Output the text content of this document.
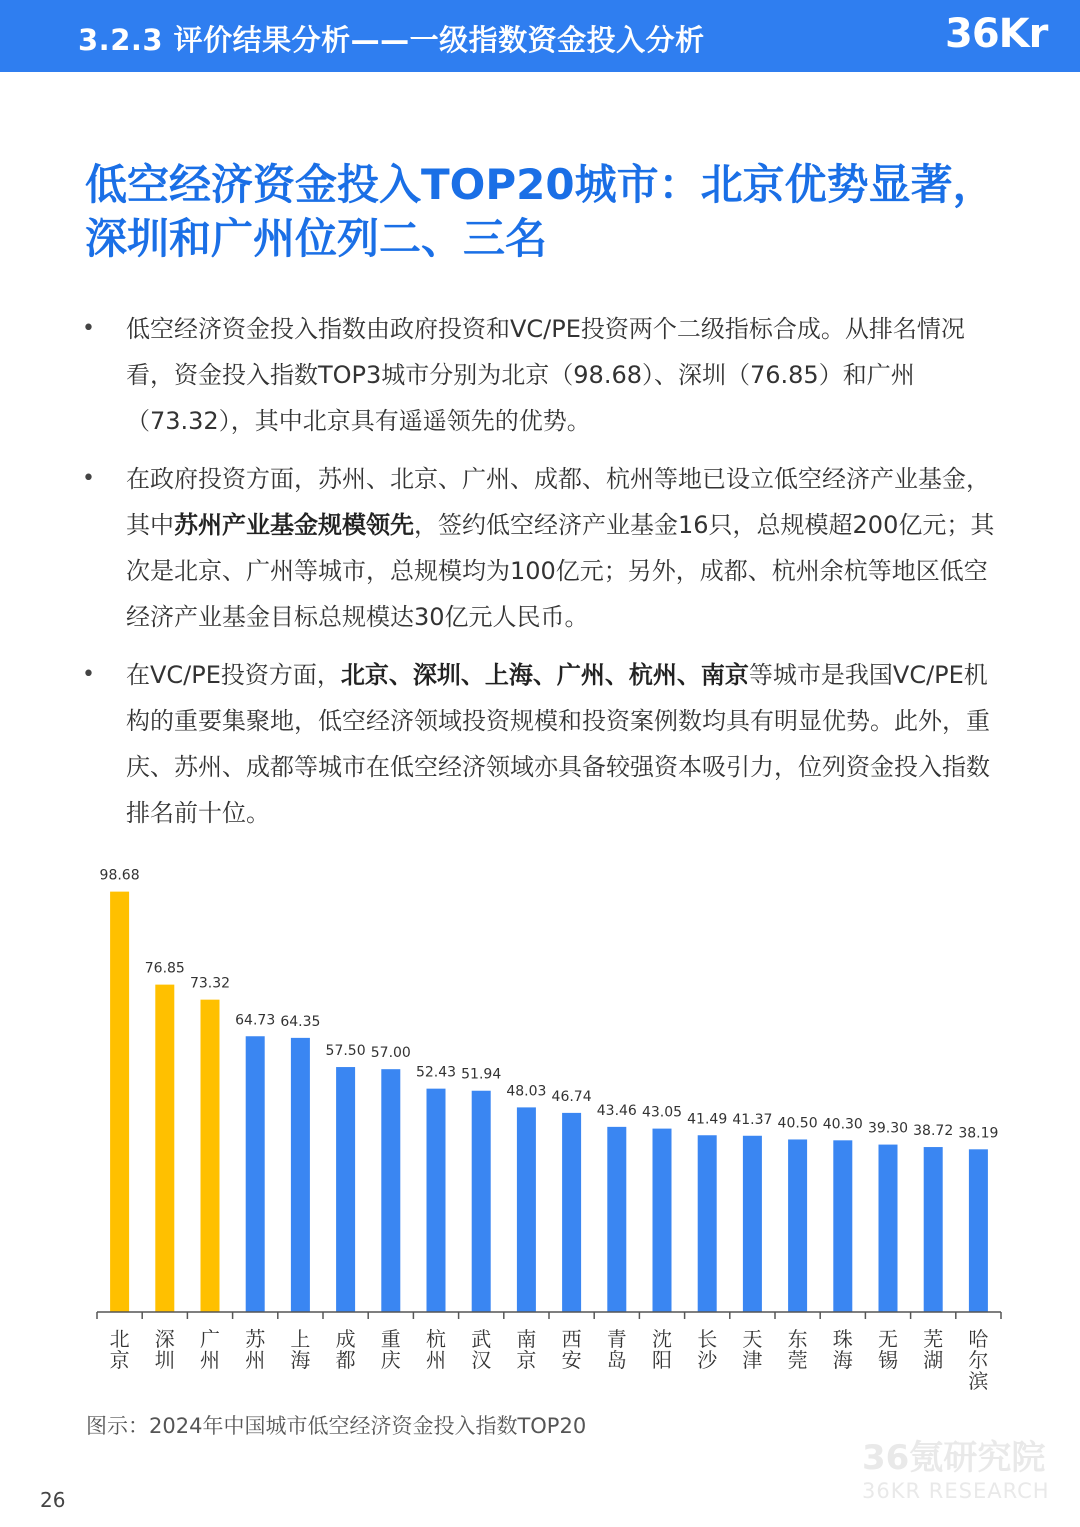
3.2.3 评价结果分析——一级指数资金投入分析	36Kr
低空经济资金投入TOP20城市：北京优势显著，深圳和广州位列二、三名
• 低空经济资金投入指数由政府投资和VC/PE投资两个二级指标合成。从排名情况看，资金投入指数TOP3城市分别为北京（98.68）、深圳（76.85）和广州（73.32），其中北京具有遥遥领先的优势。
• 在政府投资方面，苏州、北京、广州、成都、杭州等地已设立低空经济产业基金，其中苏州产业基金规模领先，签约低空经济产业基金16只，总规模超200亿元；其次是北京、广州等城市，总规模均为100亿元；另外，成都、杭州余杭等地区低空经济产业基金目标总规模达30亿元人民币。
• 在VC/PE投资方面，北京、深圳、上海、广州、杭州、南京等城市是我国VC/PE机构的重要集聚地，低空经济领域投资规模和投资案例数均具有明显优势。此外，重庆、苏州、成都等城市在低空经济领域亦具备较强资本吸引力，位列资金投入指数排名前十位。
98.68
北京
76.85
深圳
73.32
广州
64.73
苏州
64.35
上海
57.50
成都
57.00
重庆
52.43
杭州
51.94
武汉
48.03
南京
46.74
西安
43.46
青岛
43.05
沈阳
41.49
长沙
41.37
天津
40.50
东莞
40.30
珠海
39.30
无锡
38.72
芜湖
38.19
哈尔滨
图示：2024年中国城市低空经济资金投入指数TOP20
36氪研究院
36KR RESEARCH
26
